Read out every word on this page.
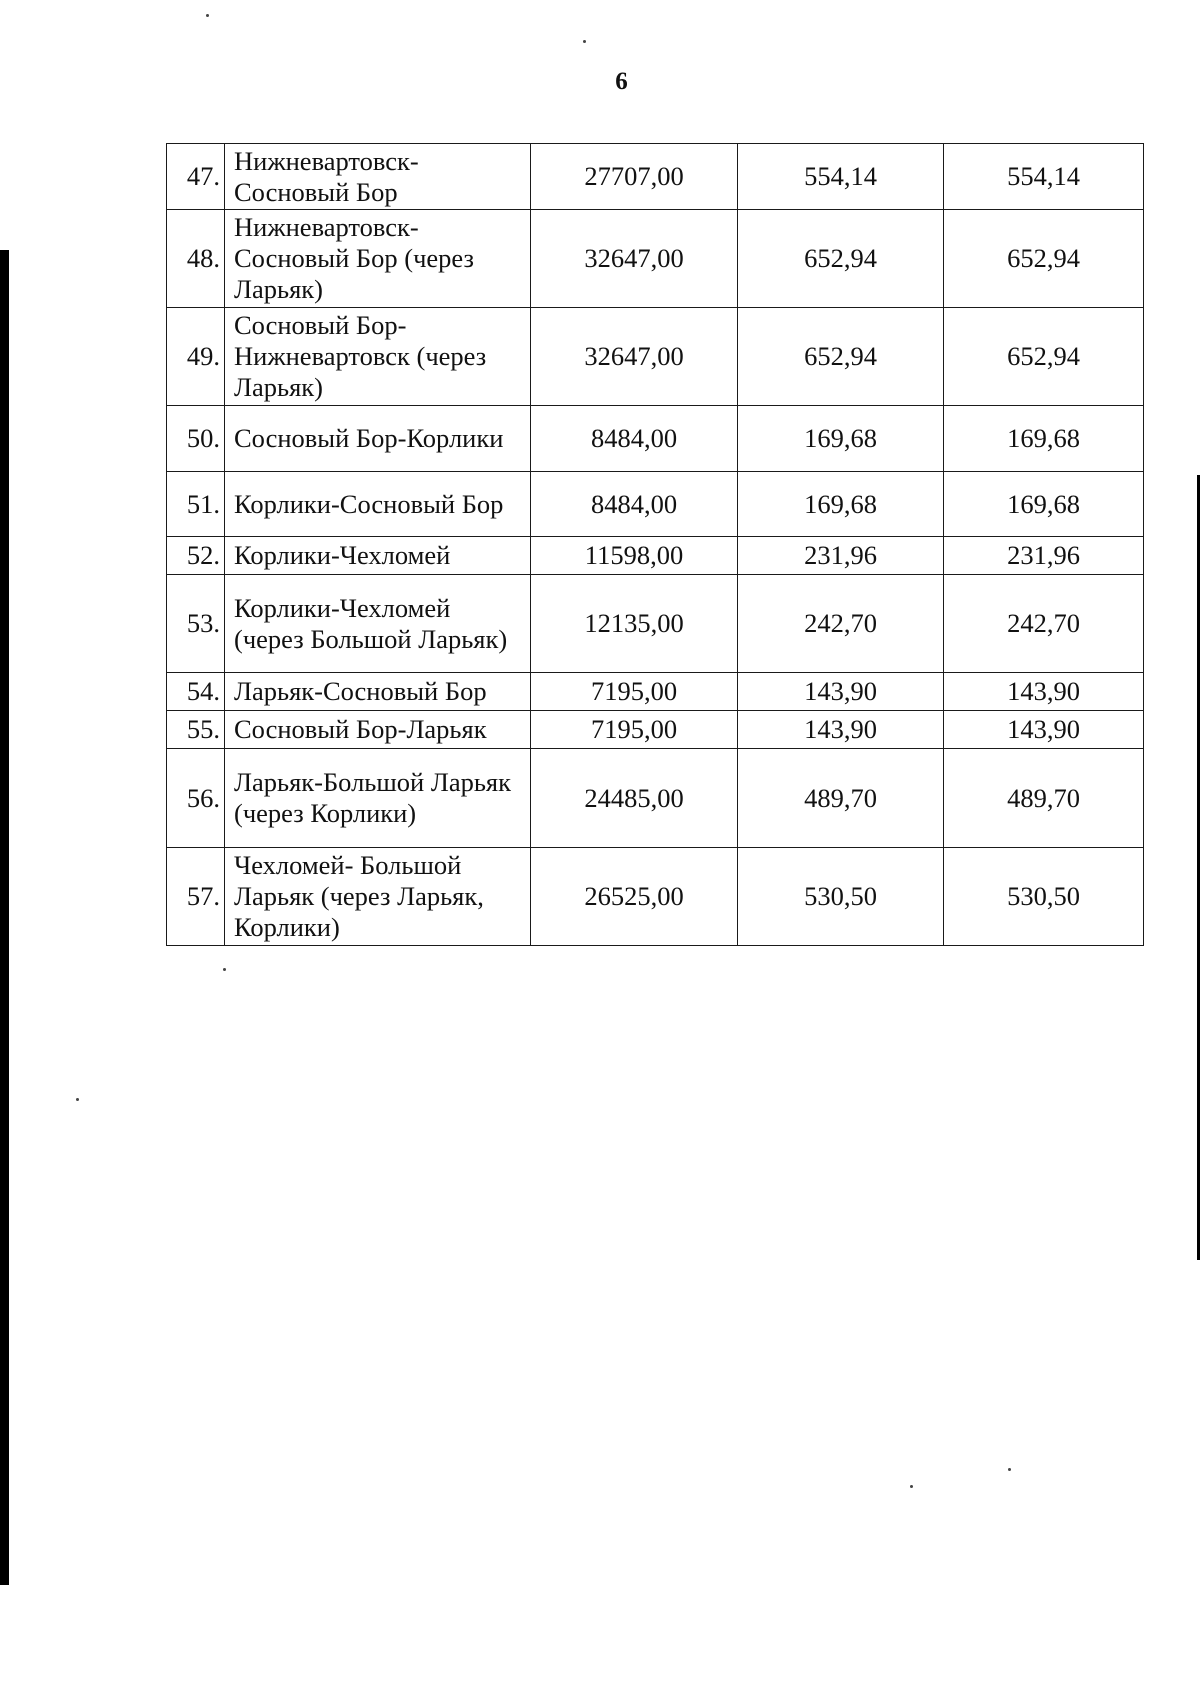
6
47.	Нижневартовск-Сосновый Бор	27707,00	554,14	554,14
48.	Нижневартовск-Сосновый Бор (через Ларьяк)	32647,00	652,94	652,94
49.	Сосновый Бор-Нижневартовск (через Ларьяк)	32647,00	652,94	652,94
50.	Сосновый Бор-Корлики	8484,00	169,68	169,68
51.	Корлики-Сосновый Бор	8484,00	169,68	169,68
52.	Корлики-Чехломей	11598,00	231,96	231,96
53.	Корлики-Чехломей (через Большой Ларьяк)	12135,00	242,70	242,70
54.	Ларьяк-Сосновый Бор	7195,00	143,90	143,90
55.	Сосновый Бор-Ларьяк	7195,00	143,90	143,90
56.	Ларьяк-Большой Ларьяк (через Корлики)	24485,00	489,70	489,70
57.	Чехломей- Большой Ларьяк (через Ларьяк, Корлики)	26525,00	530,50	530,50
